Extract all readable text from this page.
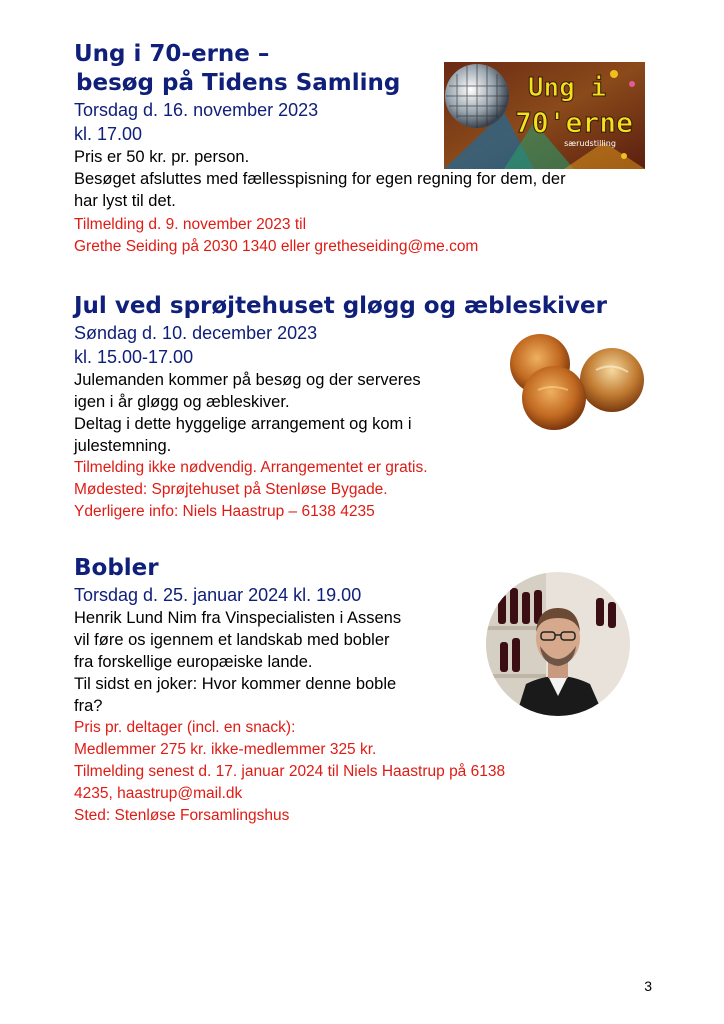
Ung i 70-erne –

besøg på Tidens Samling

Torsdag d. 16. november 2023

kl. 17.00

Pris er 50 kr. pr. person.

Besøget afsluttes med fællesspisning for egen regning for dem, der

har lyst til det.

Tilmelding d. 9. november 2023 til

Grethe Seiding på 2030 1340 eller gretheseiding@me.com

Ung i
70'erne
særudstilling

Jul ved sprøjtehuset gløgg og æbleskiver

Søndag d. 10. december 2023

kl. 15.00-17.00

Julemanden kommer på besøg og der serveres

igen i år gløgg og æbleskiver.

Deltag i dette hyggelige arrangement og kom i

julestemning.

Tilmelding ikke nødvendig. Arrangementet er gratis.

Mødested: Sprøjtehuset på Stenløse Bygade.

Yderligere info: Niels Haastrup – 6138 4235

Bobler

Torsdag d. 25. januar 2024 kl. 19.00

Henrik Lund Nim fra Vinspecialisten i Assens

vil føre os igennem et landskab med bobler

fra forskellige europæiske lande.

Til sidst en joker: Hvor kommer denne boble

fra?

Pris pr. deltager (incl. en snack):

Medlemmer 275 kr. ikke-medlemmer 325 kr.

Tilmelding senest d. 17. januar 2024 til Niels Haastrup på 6138

4235, haastrup@mail.dk

Sted: Stenløse Forsamlingshus

3
